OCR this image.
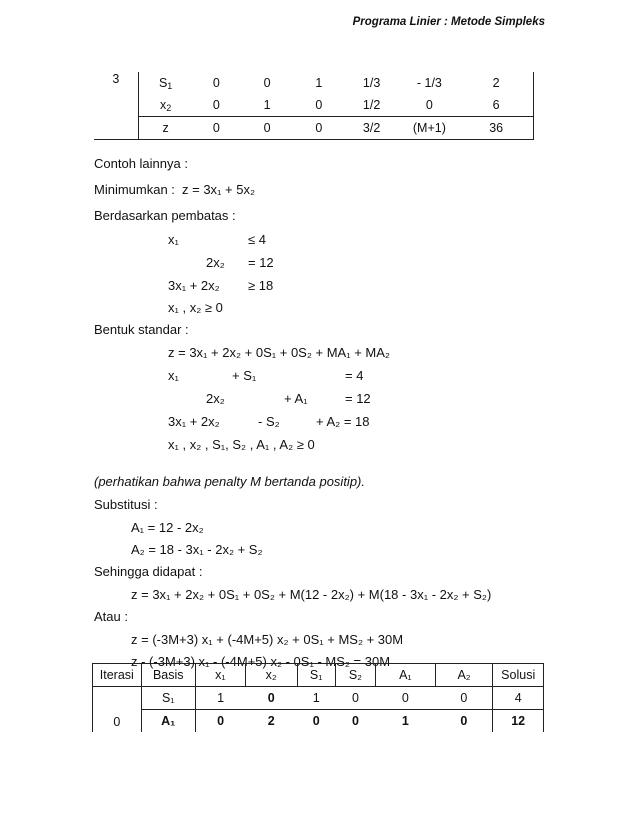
Programa Linier : Metode Simpleks
3	$S_1$	0	0	1	1/3	- 1/3	2
	$x_2$	0	1	0	1/2	0	6
	z	0	0	0	3/2	(M+1)	36
Contoh lainnya :
Minimumkan : z = 3x₁ + 5x₂
Berdasarkan pembatas :
x₁	≤ 4
2x₂ = 12
3x₁ + 2x₂ ≥ 18
x₁ , x₂ ≥ 0
Bentuk standar :
z = 3x₁ + 2x₂ + 0S₁ + 0S₂ + MA₁ + MA₂
x₁	+ S₁	= 4
2x₂	+ A₁	= 12
3x₁ + 2x₂	- S₂	+ A₂ = 18
x₁ , x₂ , S₁, S₂ , A₁ , A₂ ≥ 0
(perhatikan bahwa penalty M bertanda positip).
Substitusi :
A₁ = 12 - 2x₂
A₂ = 18 - 3x₁ - 2x₂ + S₂
Sehingga didapat :
z = 3x₁ + 2x₂ + 0S₁ + 0S₂ + M(12 - 2x₂) + M(18 - 3x₁ - 2x₂ + S₂)
Atau :
z = (-3M+3) x₁ + (-4M+5) x₂ + 0S₁ + MS₂ + 30M
z - (-3M+3) x₁ - (-4M+5) x₂ - 0S₁ - MS₂ = 30M
Iterasi	Basis	x₁	x₂	S₁	S₂	A₁	A₂	Solusi
0	S₁	1	0	1	0	0	0	4
	A₁	0	2	0	0	1	0	12
